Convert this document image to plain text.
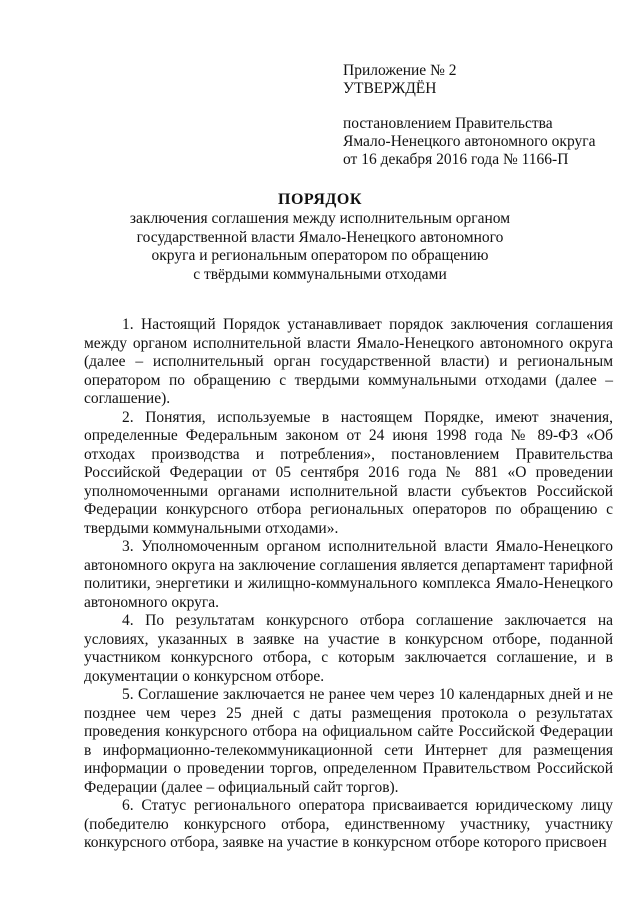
Приложение № 2
УТВЕРЖДЁН
постановлением Правительства
Ямало-Ненецкого автономного округа
от 16 декабря 2016 года № 1166-П
ПОРЯДОК
заключения соглашения между исполнительным органом
государственной власти Ямало-Ненецкого автономного
округа и региональным оператором по обращению
с твёрдыми коммунальными отходами

1. Настоящий Порядок устанавливает порядок заключения соглашения между органом исполнительной власти Ямало-Ненецкого автономного округа (далее – исполнительный орган государственной власти) и региональным оператором по обращению с твердыми коммунальными отходами (далее – соглашение).

2. Понятия, используемые в настоящем Порядке, имеют значения, определенные Федеральным законом от 24 июня 1998 года № 89-ФЗ «Об отходах производства и потребления», постановлением Правительства Российской Федерации от 05 сентября 2016 года № 881 «О проведении уполномоченными органами исполнительной власти субъектов Российской Федерации конкурсного отбора региональных операторов по обращению с твердыми коммунальными отходами».

3. Уполномоченным органом исполнительной власти Ямало-Ненецкого автономного округа на заключение соглашения является департамент тарифной политики, энергетики и жилищно-коммунального комплекса Ямало-Ненецкого автономного округа.

4. По результатам конкурсного отбора соглашение заключается на условиях, указанных в заявке на участие в конкурсном отборе, поданной участником конкурсного отбора, с которым заключается соглашение, и в документации о конкурсном отборе.

5. Соглашение заключается не ранее чем через 10 календарных дней и не позднее чем через 25 дней с даты размещения протокола о результатах проведения конкурсного отбора на официальном сайте Российской Федерации в информационно-телекоммуникационной сети Интернет для размещения информации о проведении торгов, определенном Правительством Российской Федерации (далее – официальный сайт торгов).

6. Статус регионального оператора присваивается юридическому лицу (победителю конкурсного отбора, единственному участнику, участнику конкурсного отбора, заявке на участие в конкурсном отборе которого присвоен
